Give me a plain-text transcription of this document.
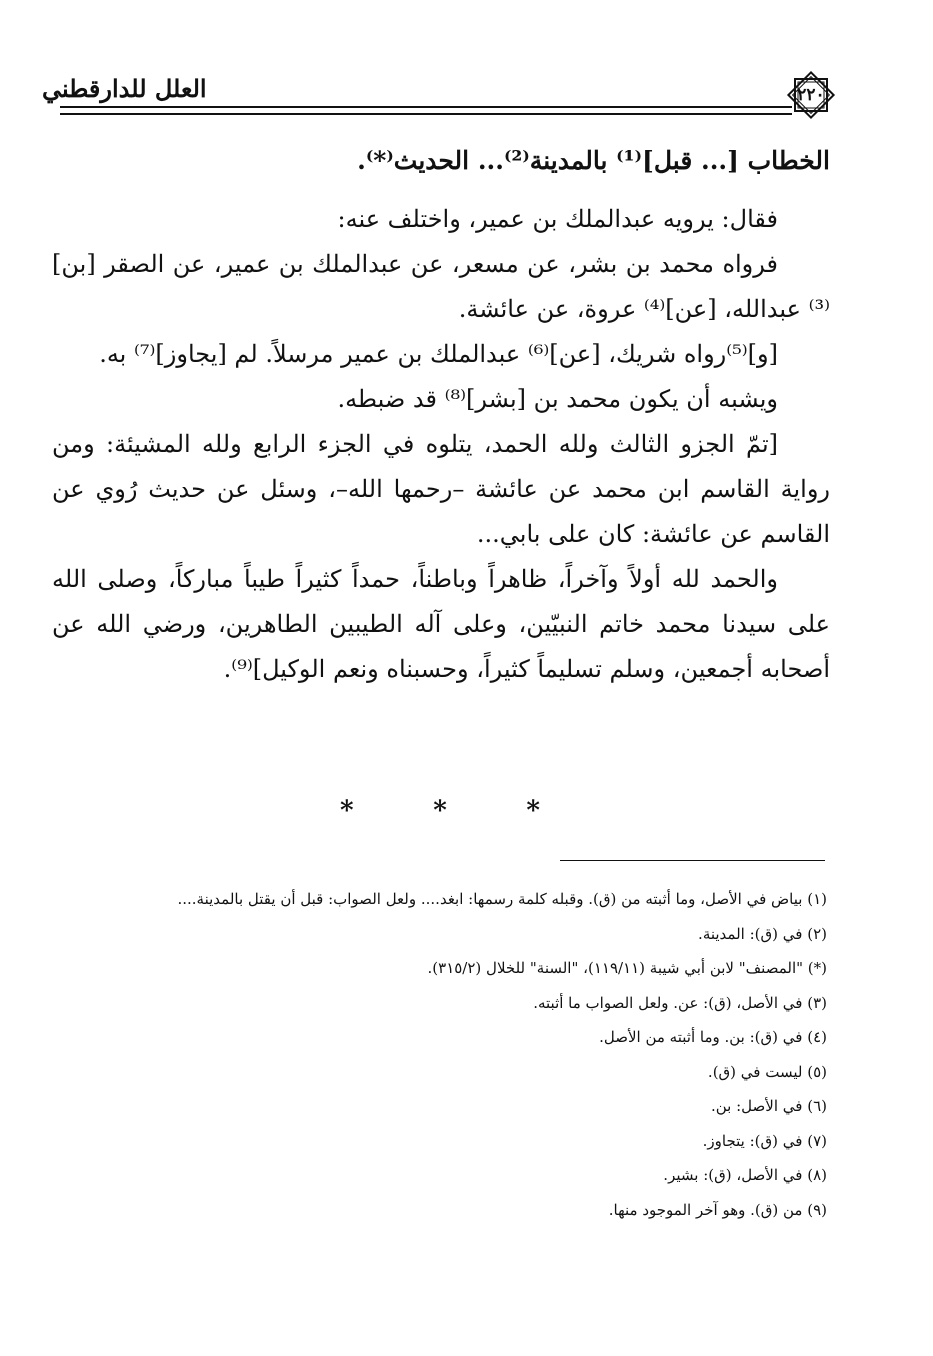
العلل للدارقطني	٢٢٠

الخطاب [... قبل]⁽¹⁾ بالمدينة⁽²⁾... الحديث⁽*⁾.

فقال: يرويه عبدالملك بن عمير، واختلف عنه:

فرواه محمد بن بشر، عن مسعر، عن عبدالملك بن عمير، عن الصقر [بن]⁽³⁾ عبدالله، [عن]⁽⁴⁾ عروة، عن عائشة.

[و]⁽⁵⁾رواه شريك، [عن]⁽⁶⁾ عبدالملك بن عمير مرسلاً. لم [يجاوز]⁽⁷⁾ به.

ويشبه أن يكون محمد بن [بشر]⁽⁸⁾ قد ضبطه.

[تمّ الجزو الثالث ولله الحمد، يتلوه في الجزء الرابع ولله المشيئة: ومن رواية القاسم ابن محمد عن عائشة –رحمها الله–، وسئل عن حديث رُوي عن القاسم عن عائشة: كان على بابي...

والحمد لله أولاً وآخراً، ظاهراً وباطناً، حمداً كثيراً طيباً مباركاً، وصلى الله على سيدنا محمد خاتم النبيّين، وعلى آله الطيبين الطاهرين، ورضي الله عن أصحابه أجمعين، وسلم تسليماً كثيراً، وحسبناه ونعم الوكيل]⁽⁹⁾.

*	*	*

(١) بياض في الأصل، وما أثبته من (ق). وقبله كلمة رسمها: ابغد.... ولعل الصواب: قبل أن يقتل بالمدينة....

(٢) في (ق): المدينة.

(*) "المصنف" لابن أبي شيبة (١١٩/١١)، "السنة" للخلال (٣١٥/٢).

(٣) في الأصل، (ق): عن. ولعل الصواب ما أثبته.

(٤) في (ق): بن. وما أثبته من الأصل.

(٥) ليست في (ق).

(٦) في الأصل: بن.

(٧) في (ق): يتجاوز.

(٨) في الأصل، (ق): بشير.

(٩) من (ق). وهو آخر الموجود منها.
